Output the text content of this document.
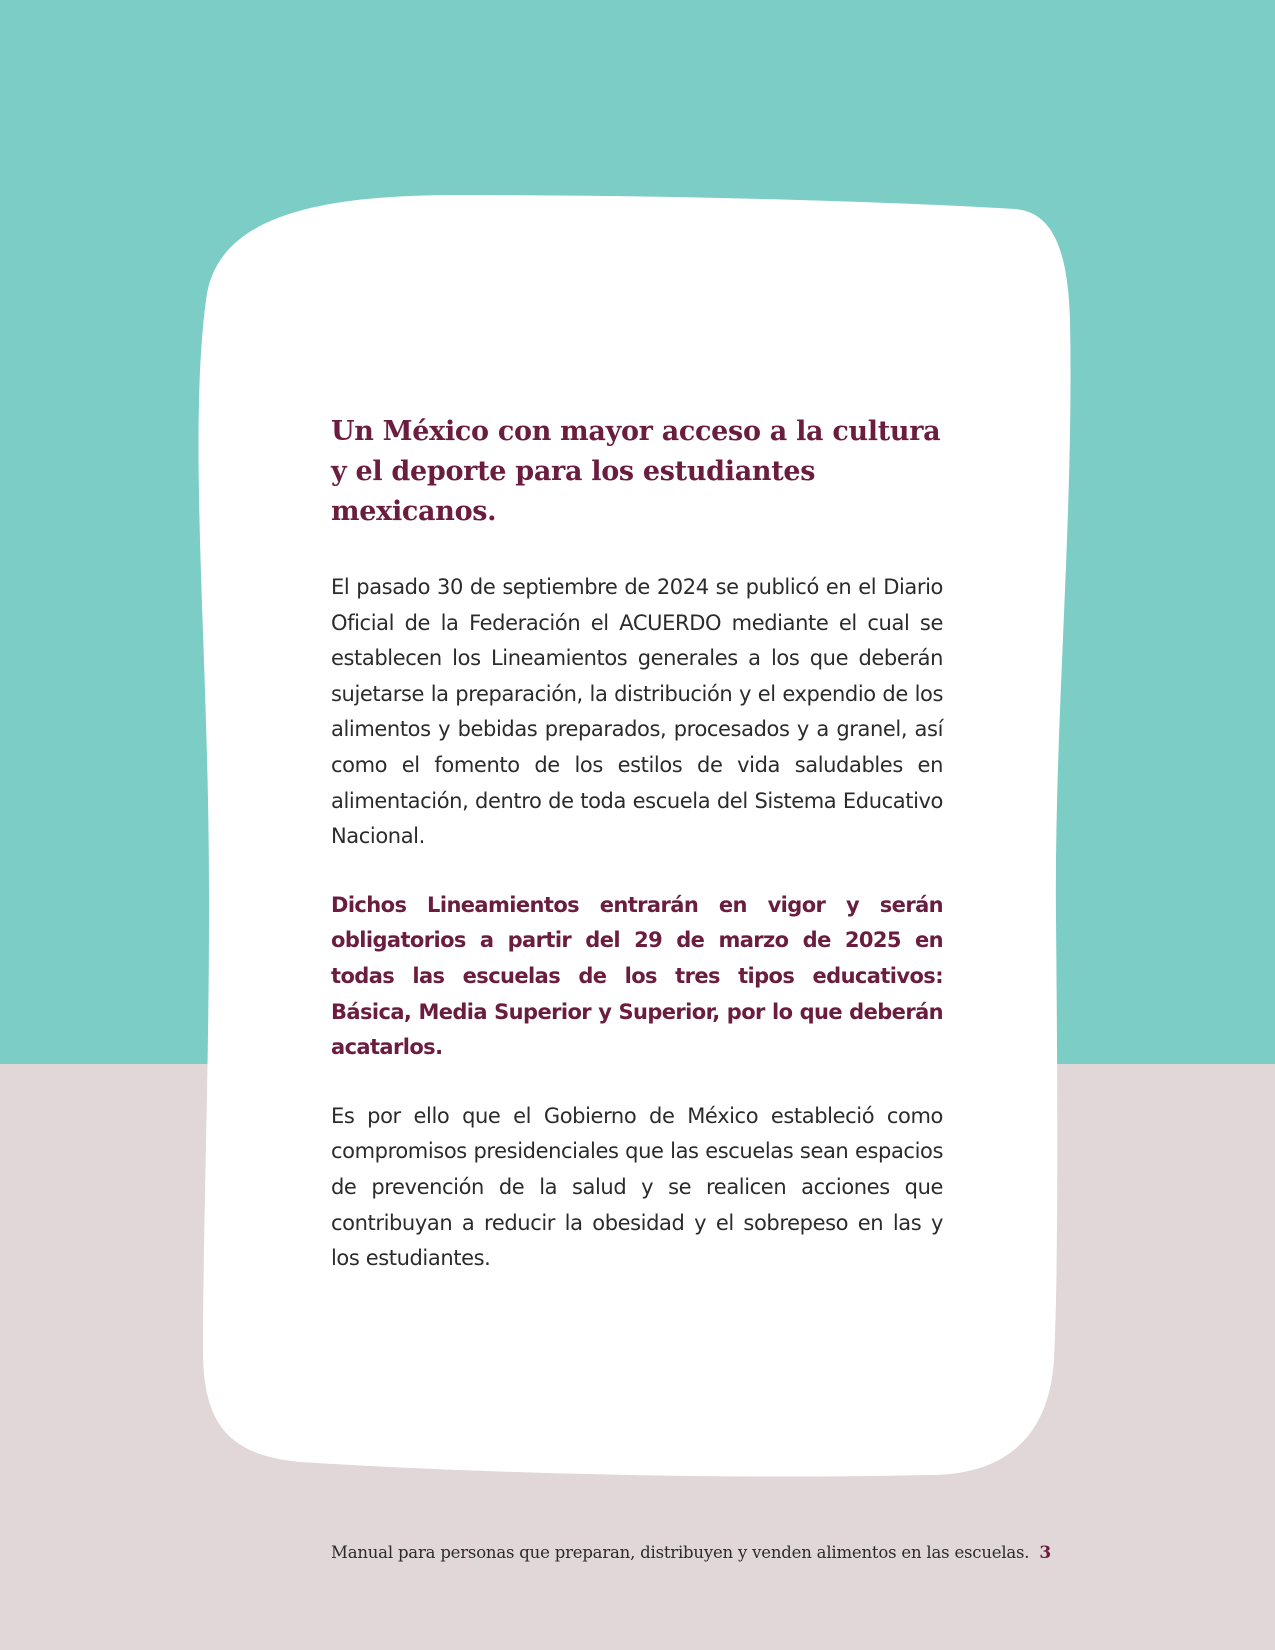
Un México con mayor acceso a la cultura y el deporte para los estudiantes mexicanos.

El pasado 30 de septiembre de 2024 se publicó en el Diario Oficial de la Federación el ACUERDO mediante el cual se establecen los Lineamientos generales a los que deberán sujetarse la preparación, la distribución y el expendio de los alimentos y bebidas preparados, procesados y a granel, así como el fomento de los estilos de vida saludables en alimentación, dentro de toda escuela del Sistema Educativo Nacional.

Dichos Lineamientos entrarán en vigor y serán obligatorios a partir del 29 de marzo de 2025 en todas las escuelas de los tres tipos educativos: Básica, Media Superior y Superior, por lo que deberán acatarlos.

Es por ello que el Gobierno de México estableció como compromisos presidenciales que las escuelas sean espacios de prevención de la salud y se realicen acciones que contribuyan a reducir la obesidad y el sobrepeso en las y los estudiantes.

Manual para personas que preparan, distribuyen y venden alimentos en las escuelas. 3
